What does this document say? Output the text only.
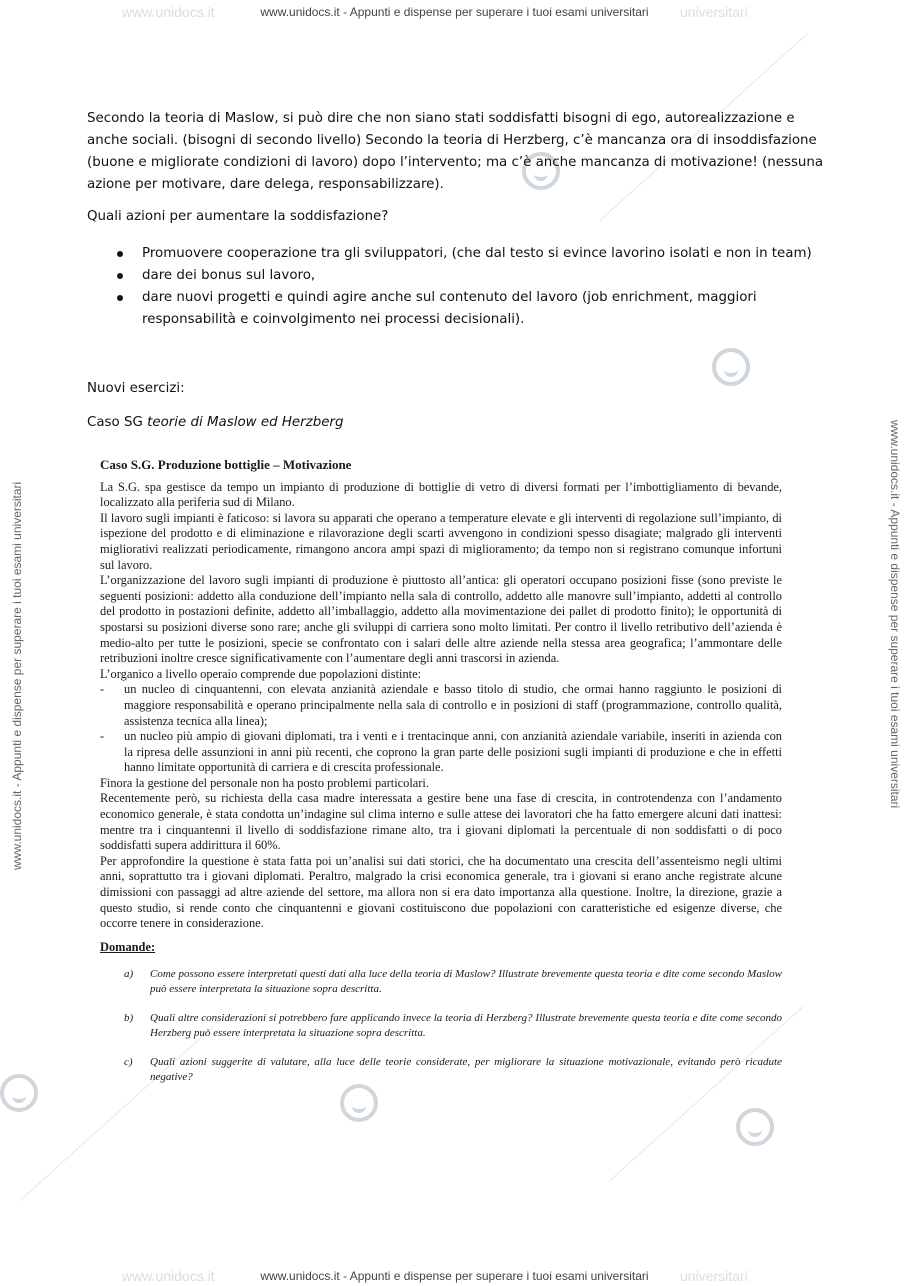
www.unidocs.it - Appunti e dispense per superare i tuoi esami universitari
www.unidocs.it	universitari
www.unidocs.it - Appunti e dispense per superare i tuoi esami universitari	www.unidocs.it - Appunti e dispense per superare i tuoi esami universitari
www.unidocs.it - Appunti e dispense per superare i tuoi esami universitari
www.unidocs.it	universitari

Secondo la teoria di Maslow, si può dire che non siano stati soddisfatti bisogni di ego, autorealizzazione e anche sociali. (bisogni di secondo livello) Secondo la teoria di Herzberg, c’è mancanza ora di insoddisfazione (buone e migliorate condizioni di lavoro) dopo l’intervento; ma c’è anche mancanza di motivazione! (nessuna azione per motivare, dare delega, responsabilizzare).

Quali azioni per aumentare la soddisfazione?
Promuovere cooperazione tra gli sviluppatori, (che dal testo si evince lavorino isolati e non in team)
dare dei bonus sul lavoro,
dare nuovi progetti e quindi agire anche sul contenuto del lavoro (job enrichment, maggiori responsabilità e coinvolgimento nei processi decisionali).
Nuovi esercizi:
Caso SG teorie di Maslow ed Herzberg

Caso S.G. Produzione bottiglie – Motivazione

La S.G. spa gestisce da tempo un impianto di produzione di bottiglie di vetro di diversi formati per l’imbottigliamento di bevande, localizzato alla periferia sud di Milano.

Il lavoro sugli impianti è faticoso: si lavora su apparati che operano a temperature elevate e gli interventi di regolazione sull’impianto, di ispezione del prodotto e di eliminazione e rilavorazione degli scarti avvengono in condizioni spesso disagiate; malgrado gli interventi migliorativi realizzati periodicamente, rimangono ancora ampi spazi di miglioramento; da tempo non si registrano comunque infortuni sul lavoro.

L’organizzazione del lavoro sugli impianti di produzione è piuttosto all’antica: gli operatori occupano posizioni fisse (sono previste le seguenti posizioni: addetto alla conduzione dell’impianto nella sala di controllo, addetto alle manovre sull’impianto, addetti al controllo del prodotto in postazioni definite, addetto all’imballaggio, addetto alla movimentazione dei pallet di prodotto finito); le opportunità di spostarsi su posizioni diverse sono rare; anche gli sviluppi di carriera sono molto limitati. Per contro il livello retributivo dell’azienda è medio-alto per tutte le posizioni, specie se confrontato con i salari delle altre aziende nella stessa area geografica; l’ammontare delle retribuzioni inoltre cresce significativamente con l’aumentare degli anni trascorsi in azienda.

L’organico a livello operaio comprende due popolazioni distinte:

- un nucleo di cinquantenni, con elevata anzianità aziendale e basso titolo di studio, che ormai hanno raggiunto le posizioni di maggiore responsabilità e operano principalmente nella sala di controllo e in posizioni di staff (programmazione, controllo qualità, assistenza tecnica alla linea);

- un nucleo più ampio di giovani diplomati, tra i venti e i trentacinque anni, con anzianità aziendale variabile, inseriti in azienda con la ripresa delle assunzioni in anni più recenti, che coprono la gran parte delle posizioni sugli impianti di produzione e che in effetti hanno limitate opportunità di carriera e di crescita professionale.

Finora la gestione del personale non ha posto problemi particolari.

Recentemente però, su richiesta della casa madre interessata a gestire bene una fase di crescita, in controtendenza con l’andamento economico generale, è stata condotta un’indagine sul clima interno e sulle attese dei lavoratori che ha fatto emergere alcuni dati inattesi: mentre tra i cinquantenni il livello di soddisfazione rimane alto, tra i giovani diplomati la percentuale di non soddisfatti o di poco soddisfatti supera addirittura il 60%.

Per approfondire la questione è stata fatta poi un’analisi sui dati storici, che ha documentato una crescita dell’assenteismo negli ultimi anni, soprattutto tra i giovani diplomati. Peraltro, malgrado la crisi economica generale, tra i giovani si erano anche registrate alcune dimissioni con passaggi ad altre aziende del settore, ma allora non si era dato importanza alla questione. Inoltre, la direzione, grazie a questo studio, si rende conto che cinquantenni e giovani costituiscono due popolazioni con caratteristiche ed esigenze diverse, che occorre tenere in considerazione.

Domande:

a) Come possono essere interpretati questi dati alla luce della teoria di Maslow? Illustrate brevemente questa teoria e dite come secondo Maslow può essere interpretata la situazione sopra descritta.
b) Quali altre considerazioni si potrebbero fare applicando invece la teoria di Herzberg? Illustrate brevemente questa teoria e dite come secondo Herzberg può essere interpretata la situazione sopra descritta.
c) Quali azioni suggerite di valutare, alla luce delle teorie considerate, per migliorare la situazione motivazionale, evitando però ricadute negative?
